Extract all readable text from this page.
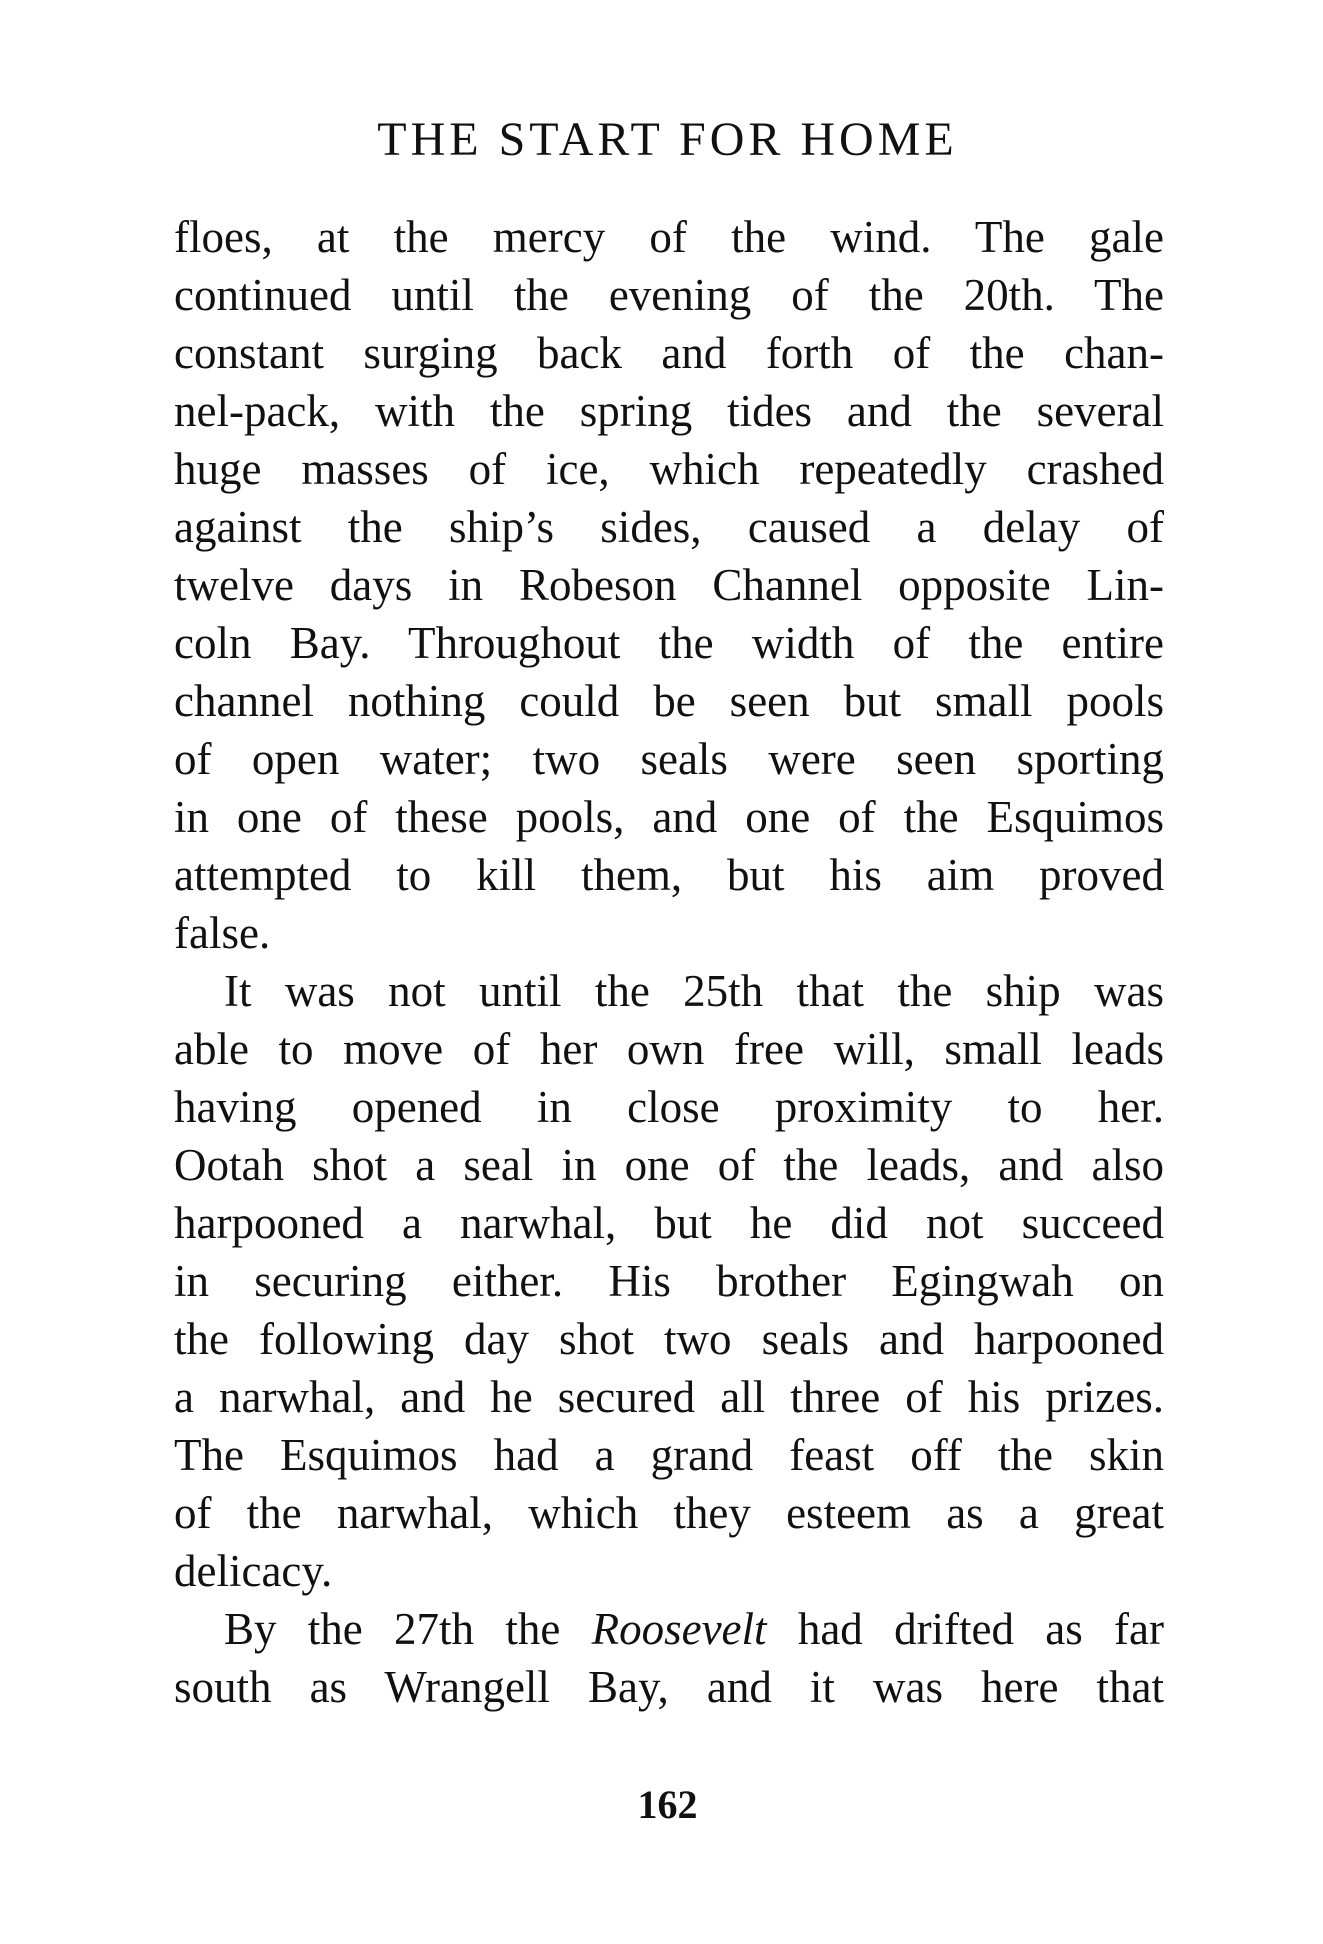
THE START FOR HOME
floes, at the mercy of the wind. The gale
continued until the evening of the 20th. The
constant surging back and forth of the chan-
nel-pack, with the spring tides and the several
huge masses of ice, which repeatedly crashed
against the ship’s sides, caused a delay of
twelve days in Robeson Channel opposite Lin-
coln Bay. Throughout the width of the entire
channel nothing could be seen but small pools
of open water; two seals were seen sporting
in one of these pools, and one of the Esquimos
attempted to kill them, but his aim proved
false.
It was not until the 25th that the ship was
able to move of her own free will, small leads
having opened in close proximity to her.
Ootah shot a seal in one of the leads, and also
harpooned a narwhal, but he did not succeed
in securing either. His brother Egingwah on
the following day shot two seals and harpooned
a narwhal, and he secured all three of his prizes.
The Esquimos had a grand feast off the skin
of the narwhal, which they esteem as a great
delicacy.
By the 27th the Roosevelt had drifted as far
south as Wrangell Bay, and it was here that
162
